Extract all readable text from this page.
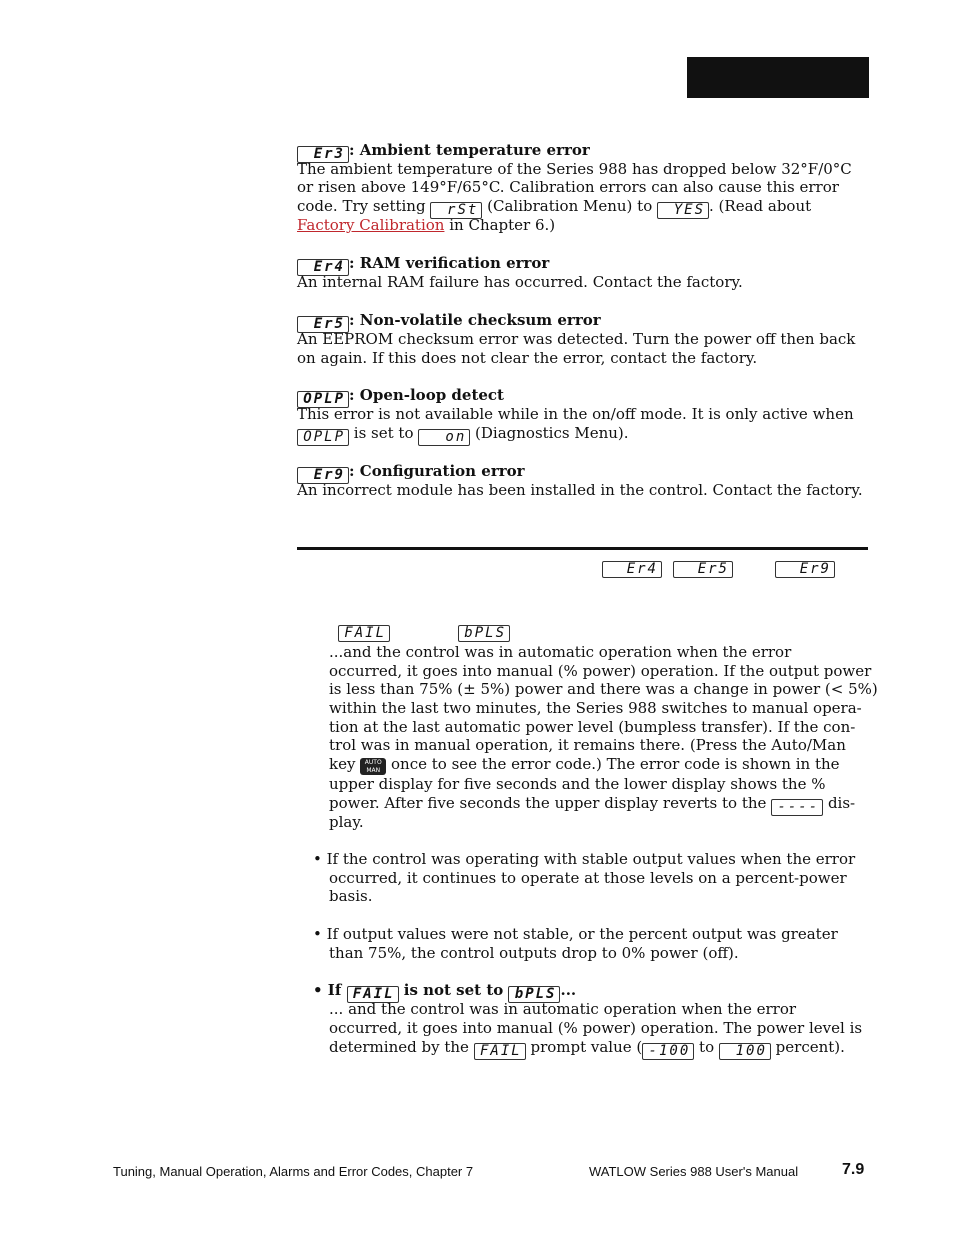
Er3 : Ambient temperature error
The ambient temperature of the Series 988 has dropped below 32°F/0°C
or risen above 149°F/65°C. Calibration errors can also cause this error
code. Try setting rSt (Calibration Menu) to YES . (Read about
Factory Calibration in Chapter 6.)
Er4 : RAM verification error
An internal RAM failure has occurred. Contact the factory.
Er5 : Non-volatile checksum error
An EEPROM checksum error was detected. Turn the power off then back
on again. If this does not clear the error, contact the factory.
OPLP : Open-loop detect
This error is not available while in the on/off mode. It is only active when
OPLP is set to on (Diagnostics Menu).
Er9 : Configuration error
An incorrect module has been installed in the control. Contact the factory.
Er4	Er5	Er9
FAIL	bPLS
...and the control was in automatic operation when the error
occurred, it goes into manual (% power) operation. If the output power
is less than 75% (± 5%) power and there was a change in power (< 5%)
within the last two minutes, the Series 988 switches to manual opera-
tion at the last automatic power level (bumpless transfer). If the con-
trol was in manual operation, it remains there. (Press the Auto/Man
key AUTO
MAN once to see the error code.) The error code is shown in the
upper display for five seconds and the lower display shows the %
power. After five seconds the upper display reverts to the ---- dis-
play.
• If the control was operating with stable output values when the error
occurred, it continues to operate at those levels on a percent-power
basis.
• If output values were not stable, or the percent output was greater
than 75%, the control outputs drop to 0% power (off).
• If FAIL is not set to bPLS ...
... and the control was in automatic operation when the error
occurred, it goes into manual (% power) operation. The power level is
determined by the FAIL prompt value ( -100 to 100 percent).
Tuning, Manual Operation, Alarms and Error Codes, Chapter 7	WATLOW Series 988 User's Manual	7.9
